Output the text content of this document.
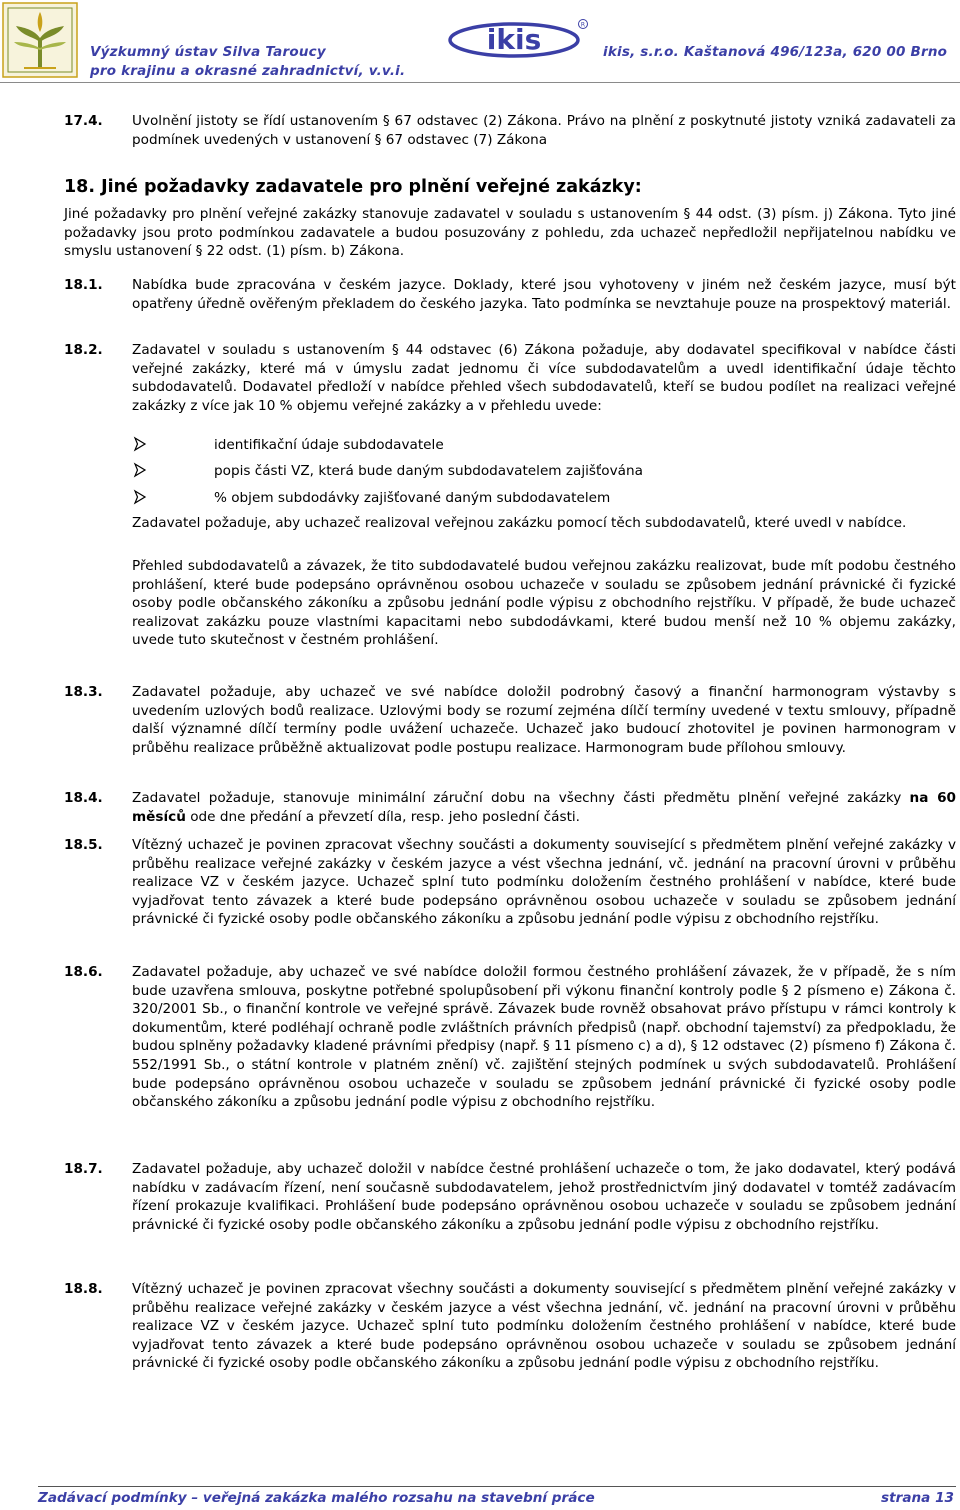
Výzkumný ústav Silva Taroucy
pro krajinu a okrasné zahradnictví, v.v.i.
ikis	R
ikis, s.r.o. Kaštanová 496/123a, 620 00 Brno
17.4. Uvolnění jistoty se řídí ustanovením § 67 odstavec (2) Zákona. Právo na plnění z poskytnuté jistoty vzniká zadavateli za podmínek uvedených v ustanovení § 67 odstavec (7) Zákona

18. Jiné požadavky zadavatele pro plnění veřejné zakázky:

Jiné požadavky pro plnění veřejné zakázky stanovuje zadavatel v souladu s ustanovením § 44 odst. (3) písm. j) Zákona. Tyto jiné požadavky jsou proto podmínkou zadavatele a budou posuzovány z pohledu, zda uchazeč nepředložil nepřijatelnou nabídku ve smyslu ustanovení § 22 odst. (1) písm. b) Zákona.

18.1. Nabídka bude zpracována v českém jazyce. Doklady, které jsou vyhotoveny v jiném než českém jazyce, musí být opatřeny úředně ověřeným překladem do českého jazyka. Tato podmínka se nevztahuje pouze na prospektový materiál.

18.2. Zadavatel v souladu s ustanovením § 44 odstavec (6) Zákona požaduje, aby dodavatel specifikoval v nabídce části veřejné zakázky, které má v úmyslu zadat jednomu či více subdodavatelům a uvedl identifikační údaje těchto subdodavatelů. Dodavatel předloží v nabídce přehled všech subdodavatelů, kteří se budou podílet na realizaci veřejné zakázky z více jak 10 % objemu veřejné zakázky a v přehledu uvede:

identifikační údaje subdodavatele
popis části VZ, která bude daným subdodavatelem zajišťována
% objem subdodávky zajišťované daným subdodavatelem

Zadavatel požaduje, aby uchazeč realizoval veřejnou zakázku pomocí těch subdodavatelů, které uvedl v nabídce.

Přehled subdodavatelů a závazek, že tito subdodavatelé budou veřejnou zakázku realizovat, bude mít podobu čestného prohlášení, které bude podepsáno oprávněnou osobou uchazeče v souladu se způsobem jednání právnické či fyzické osoby podle občanského zákoníku a způsobu jednání podle výpisu z obchodního rejstříku. V případě, že bude uchazeč realizovat zakázku pouze vlastními kapacitami nebo subdodávkami, které budou menší než 10 % objemu zakázky, uvede tuto skutečnost v čestném prohlášení.

18.3. Zadavatel požaduje, aby uchazeč ve své nabídce doložil podrobný časový a finanční harmonogram výstavby s uvedením uzlových bodů realizace. Uzlovými body se rozumí zejména dílčí termíny uvedené v textu smlouvy, případně další významné dílčí termíny podle uvážení uchazeče. Uchazeč jako budoucí zhotovitel je povinen harmonogram v průběhu realizace průběžně aktualizovat podle postupu realizace. Harmonogram bude přílohou smlouvy.

18.4. Zadavatel požaduje, stanovuje minimální záruční dobu na všechny části předmětu plnění veřejné zakázky na 60 měsíců ode dne předání a převzetí díla, resp. jeho poslední části.

18.5. Vítězný uchazeč je povinen zpracovat všechny součásti a dokumenty související s předmětem plnění veřejné zakázky v průběhu realizace veřejné zakázky v českém jazyce a vést všechna jednání, vč. jednání na pracovní úrovni v průběhu realizace VZ v českém jazyce. Uchazeč splní tuto podmínku doložením čestného prohlášení v nabídce, které bude vyjadřovat tento závazek a které bude podepsáno oprávněnou osobou uchazeče v souladu se způsobem jednání právnické či fyzické osoby podle občanského zákoníku a způsobu jednání podle výpisu z obchodního rejstříku.

18.6. Zadavatel požaduje, aby uchazeč ve své nabídce doložil formou čestného prohlášení závazek, že v případě, že s ním bude uzavřena smlouva, poskytne potřebné spolupůsobení při výkonu finanční kontroly podle § 2 písmeno e) Zákona č. 320/2001 Sb., o finanční kontrole ve veřejné správě. Závazek bude rovněž obsahovat právo přístupu v rámci kontroly k dokumentům, které podléhají ochraně podle zvláštních právních předpisů (např. obchodní tajemství) za předpokladu, že budou splněny požadavky kladené právními předpisy (např. § 11 písmeno c) a d), § 12 odstavec (2) písmeno f) Zákona č. 552/1991 Sb., o státní kontrole v platném znění) vč. zajištění stejných podmínek u svých subdodavatelů. Prohlášení bude podepsáno oprávněnou osobou uchazeče v souladu se způsobem jednání právnické či fyzické osoby podle občanského zákoníku a způsobu jednání podle výpisu z obchodního rejstříku.

18.7. Zadavatel požaduje, aby uchazeč doložil v nabídce čestné prohlášení uchazeče o tom, že jako dodavatel, který podává nabídku v zadávacím řízení, není současně subdodavatelem, jehož prostřednictvím jiný dodavatel v tomtéž zadávacím řízení prokazuje kvalifikaci. Prohlášení bude podepsáno oprávněnou osobou uchazeče v souladu se způsobem jednání právnické či fyzické osoby podle občanského zákoníku a způsobu jednání podle výpisu z obchodního rejstříku.

18.8. Vítězný uchazeč je povinen zpracovat všechny součásti a dokumenty související s předmětem plnění veřejné zakázky v průběhu realizace veřejné zakázky v českém jazyce a vést všechna jednání, vč. jednání na pracovní úrovni v průběhu realizace VZ v českém jazyce. Uchazeč splní tuto podmínku doložením čestného prohlášení v nabídce, které bude vyjadřovat tento závazek a které bude podepsáno oprávněnou osobou uchazeče v souladu se způsobem jednání právnické či fyzické osoby podle občanského zákoníku a způsobu jednání podle výpisu z obchodního rejstříku.

Zadávací podmínky – veřejná zakázka malého rozsahu na stavební práce	strana 13
